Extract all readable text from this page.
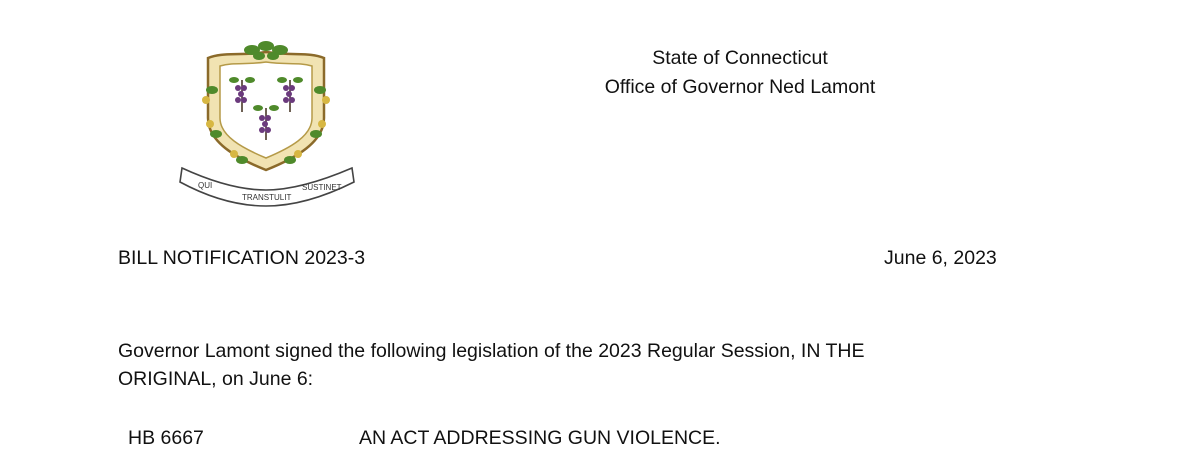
QUI
TRANSTULIT
SUSTINET
State of Connecticut
Office of Governor Ned Lamont
BILL NOTIFICATION 2023-3	June 6, 2023
Governor Lamont signed the following legislation of the 2023 Regular Session, IN THE
ORIGINAL, on June 6:
HB 6667	AN ACT ADDRESSING GUN VIOLENCE.
